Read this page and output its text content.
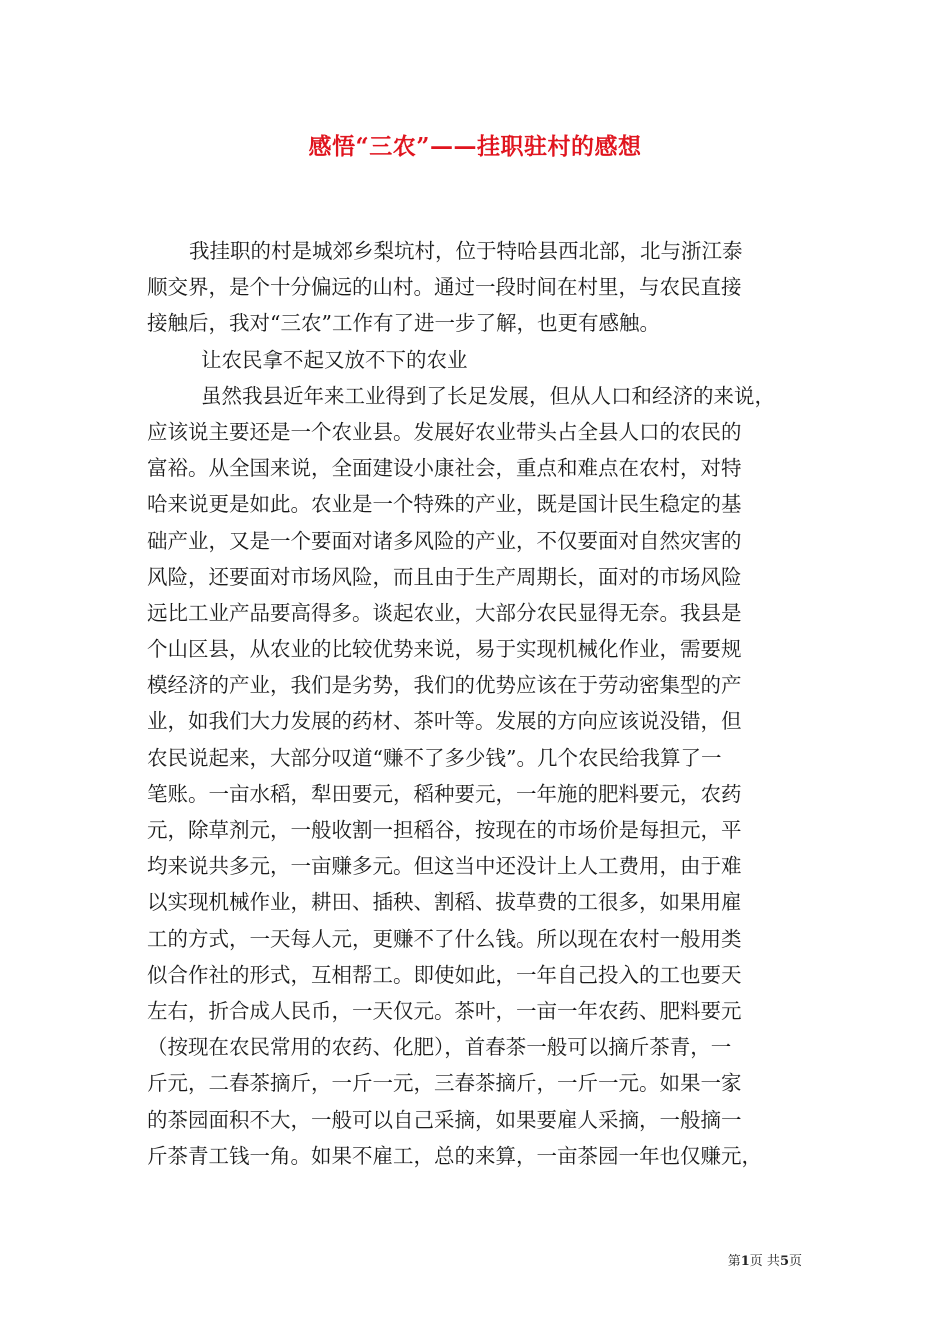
感悟“三农”——挂职驻村的感想
我挂职的村是城郊乡梨坑村，位于特哈县西北部，北与浙江泰
顺交界，是个十分偏远的山村。通过一段时间在村里，与农民直接
接触后，我对“三农”工作有了进一步了解，也更有感触。
让农民拿不起又放不下的农业
虽然我县近年来工业得到了长足发展，但从人口和经济的来说，
应该说主要还是一个农业县。发展好农业带头占全县人口的农民的
富裕。从全国来说，全面建设小康社会，重点和难点在农村，对特
哈来说更是如此。农业是一个特殊的产业，既是国计民生稳定的基
础产业，又是一个要面对诸多风险的产业，不仅要面对自然灾害的
风险，还要面对市场风险，而且由于生产周期长，面对的市场风险
远比工业产品要高得多。谈起农业，大部分农民显得无奈。我县是
个山区县，从农业的比较优势来说，易于实现机械化作业，需要规
模经济的产业，我们是劣势，我们的优势应该在于劳动密集型的产
业，如我们大力发展的药材、茶叶等。发展的方向应该说没错，但
农民说起来，大部分叹道“赚不了多少钱”。几个农民给我算了一
笔账。一亩水稻，犁田要元，稻种要元，一年施的肥料要元，农药
元，除草剂元，一般收割一担稻谷，按现在的市场价是每担元，平
均来说共多元，一亩赚多元。但这当中还没计上人工费用，由于难
以实现机械作业，耕田、插秧、割稻、拔草费的工很多，如果用雇
工的方式，一天每人元，更赚不了什么钱。所以现在农村一般用类
似合作社的形式，互相帮工。即使如此，一年自己投入的工也要天
左右，折合成人民币，一天仅元。茶叶，一亩一年农药、肥料要元
（按现在农民常用的农药、化肥），首春茶一般可以摘斤茶青，一
斤元，二春茶摘斤，一斤一元，三春茶摘斤，一斤一元。如果一家
的茶园面积不大，一般可以自己采摘，如果要雇人采摘，一般摘一
斤茶青工钱一角。如果不雇工，总的来算，一亩茶园一年也仅赚元，
第1页 共5页
